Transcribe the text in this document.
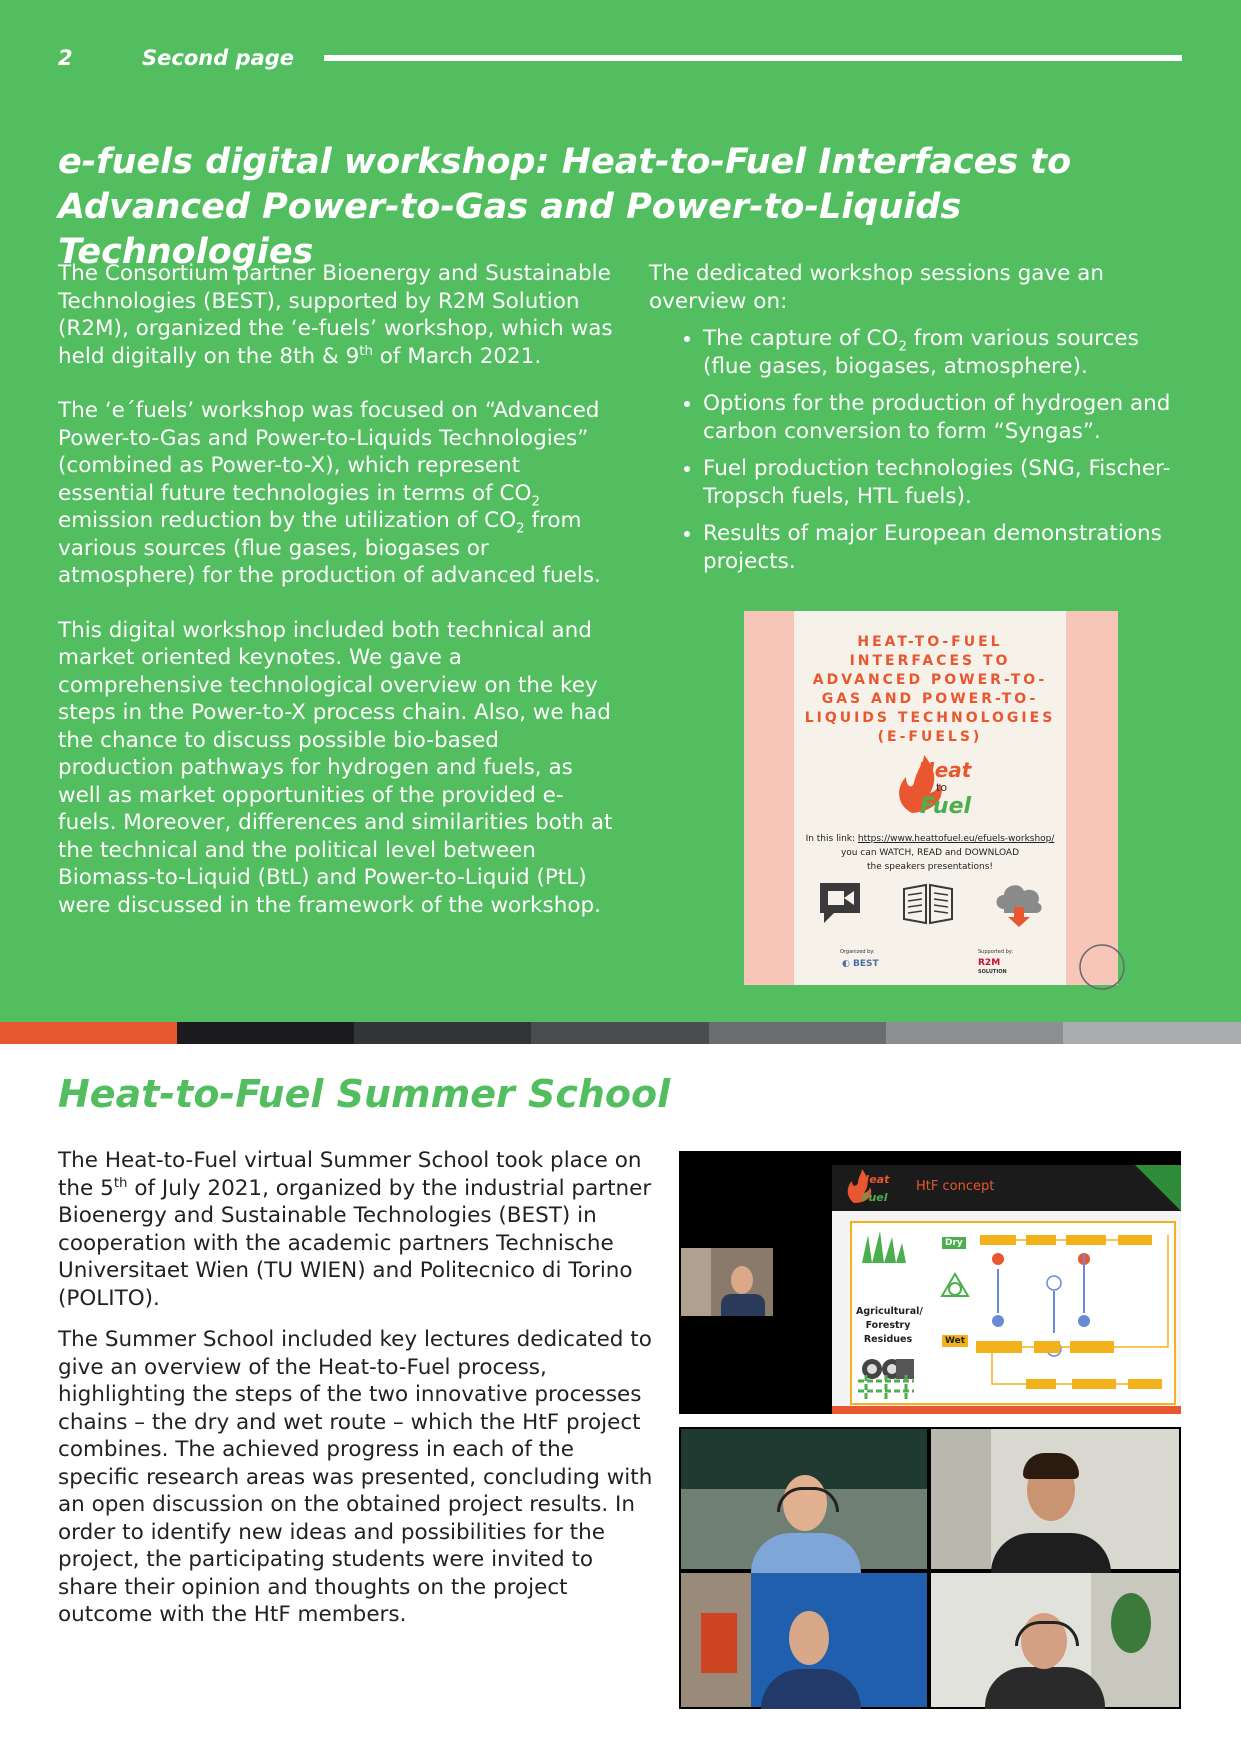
2	Second page
e-fuels digital workshop: Heat-to-Fuel Interfaces to Advanced Power-to-Gas and Power-to-Liquids Technologies

The Consortium partner Bioenergy and Sustainable Technologies (BEST), supported by R2M Solution (R2M), organized the ‘e-fuels’ workshop, which was held digitally on the 8th & 9th of March 2021.

The ‘e´fuels’ workshop was focused on “Advanced Power-to-Gas and Power-to-Liquids Technologies” (combined as Power-to-X), which represent essential future technologies in terms of $CO_2$ emission reduction by the utilization of $CO_2$ from various sources (flue gases, biogases or atmosphere) for the production of advanced fuels.

This digital workshop included both technical and market oriented keynotes. We gave a comprehensive technological overview on the key steps in the Power-to-X process chain. Also, we had the chance to discuss possible bio-based production pathways for hydrogen and fuels, as well as market opportunities of the provided e-fuels. Moreover, differences and similarities both at the technical and the political level between Biomass-to-Liquid (BtL) and Power-to-Liquid (PtL) were discussed in the framework of the workshop.

The dedicated workshop sessions gave an overview on:

• The capture of $CO_2$ from various sources (flue gases, biogases, atmosphere).
• Options for the production of hydrogen and carbon conversion to form “Syngas”.
• Fuel production technologies (SNG, Fischer-Tropsch fuels, HTL fuels).
• Results of major European demonstrations projects.

HEAT-TO-FUEL INTERFACES TO ADVANCED POWER-TO-GAS AND POWER-TO-LIQUIDS TECHNOLOGIES (E-FUELS)

Heat
to
Fuel
In this link: https://www.heattofuel.eu/efuels-workshop/
you can WATCH, READ and DOWNLOAD
the speakers presentations!
Organized by:	Supported by:
◐ BEST	R2M
SOLUTION
Heat-to-Fuel Summer School

The Heat-to-Fuel virtual Summer School took place on the 5th of July 2021, organized by the industrial partner Bioenergy and Sustainable Technologies (BEST) in cooperation with the academic partners Technische Universitaet Wien (TU WIEN) and Politecnico di Torino (POLITO).

The Summer School included key lectures dedicated to give an overview of the Heat-to-Fuel process, highlighting the steps of the two innovative processes chains – the dry and wet route – which the HtF project combines. The achieved progress in each of the specific research areas was presented, concluding with an open discussion on the obtained project results. In order to identify new ideas and possibilities for the project, the participating students were invited to share their opinion and thoughts on the project outcome with the HtF members.

Heat
Fuel
HtF concept
Agricultural/ Forestry Residues
Dry
Wet
